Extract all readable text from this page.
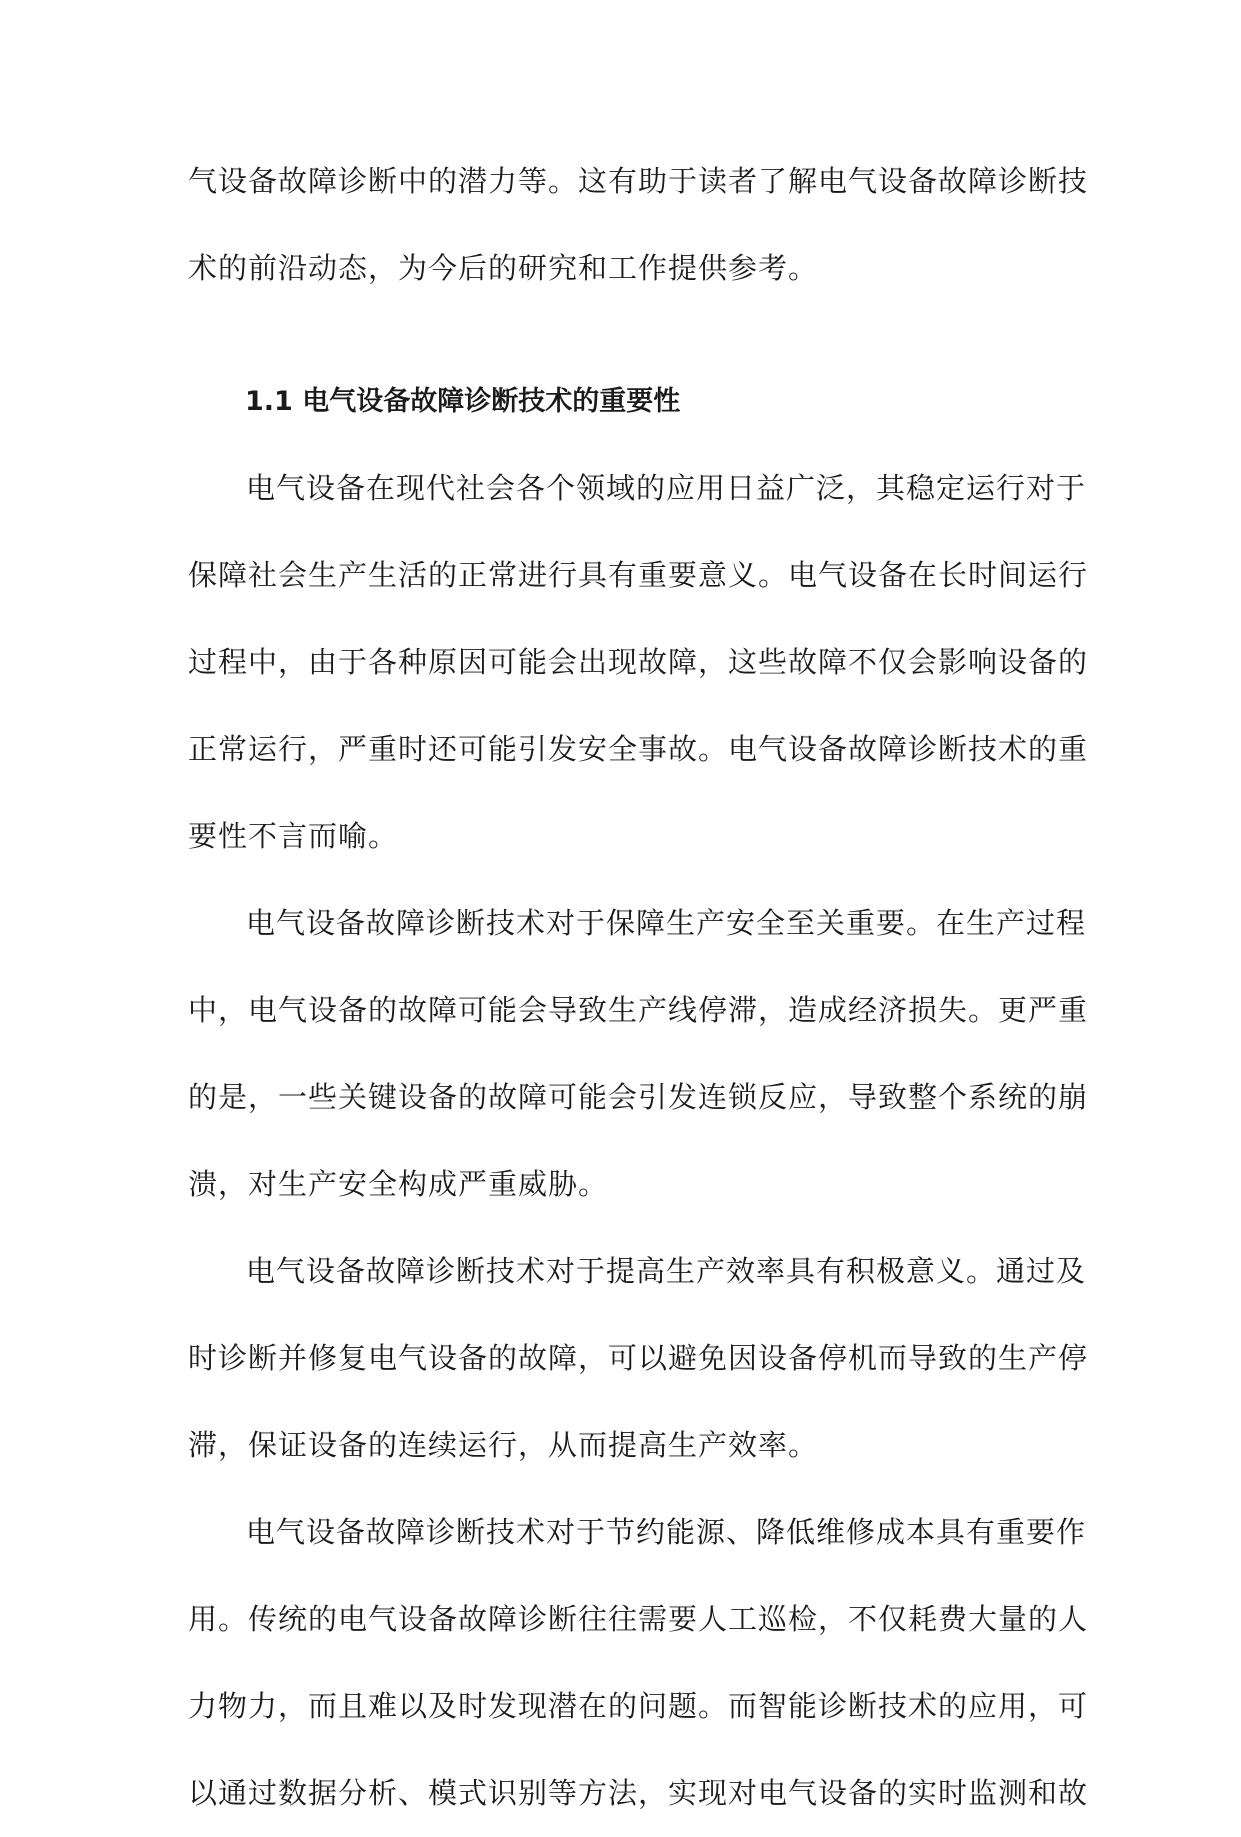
气设备故障诊断中的潜力等。这有助于读者了解电气设备故障诊断技
术的前沿动态，为今后的研究和工作提供参考。
1.1 电气设备故障诊断技术的重要性
电气设备在现代社会各个领域的应用日益广泛，其稳定运行对于
保障社会生产生活的正常进行具有重要意义。电气设备在长时间运行
过程中，由于各种原因可能会出现故障，这些故障不仅会影响设备的
正常运行，严重时还可能引发安全事故。电气设备故障诊断技术的重
要性不言而喻。
电气设备故障诊断技术对于保障生产安全至关重要。在生产过程
中，电气设备的故障可能会导致生产线停滞，造成经济损失。更严重
的是，一些关键设备的故障可能会引发连锁反应，导致整个系统的崩
溃，对生产安全构成严重威胁。
电气设备故障诊断技术对于提高生产效率具有积极意义。通过及
时诊断并修复电气设备的故障，可以避免因设备停机而导致的生产停
滞，保证设备的连续运行，从而提高生产效率。
电气设备故障诊断技术对于节约能源、降低维修成本具有重要作
用。传统的电气设备故障诊断往往需要人工巡检，不仅耗费大量的人
力物力，而且难以及时发现潜在的问题。而智能诊断技术的应用，可
以通过数据分析、模式识别等方法，实现对电气设备的实时监测和故
